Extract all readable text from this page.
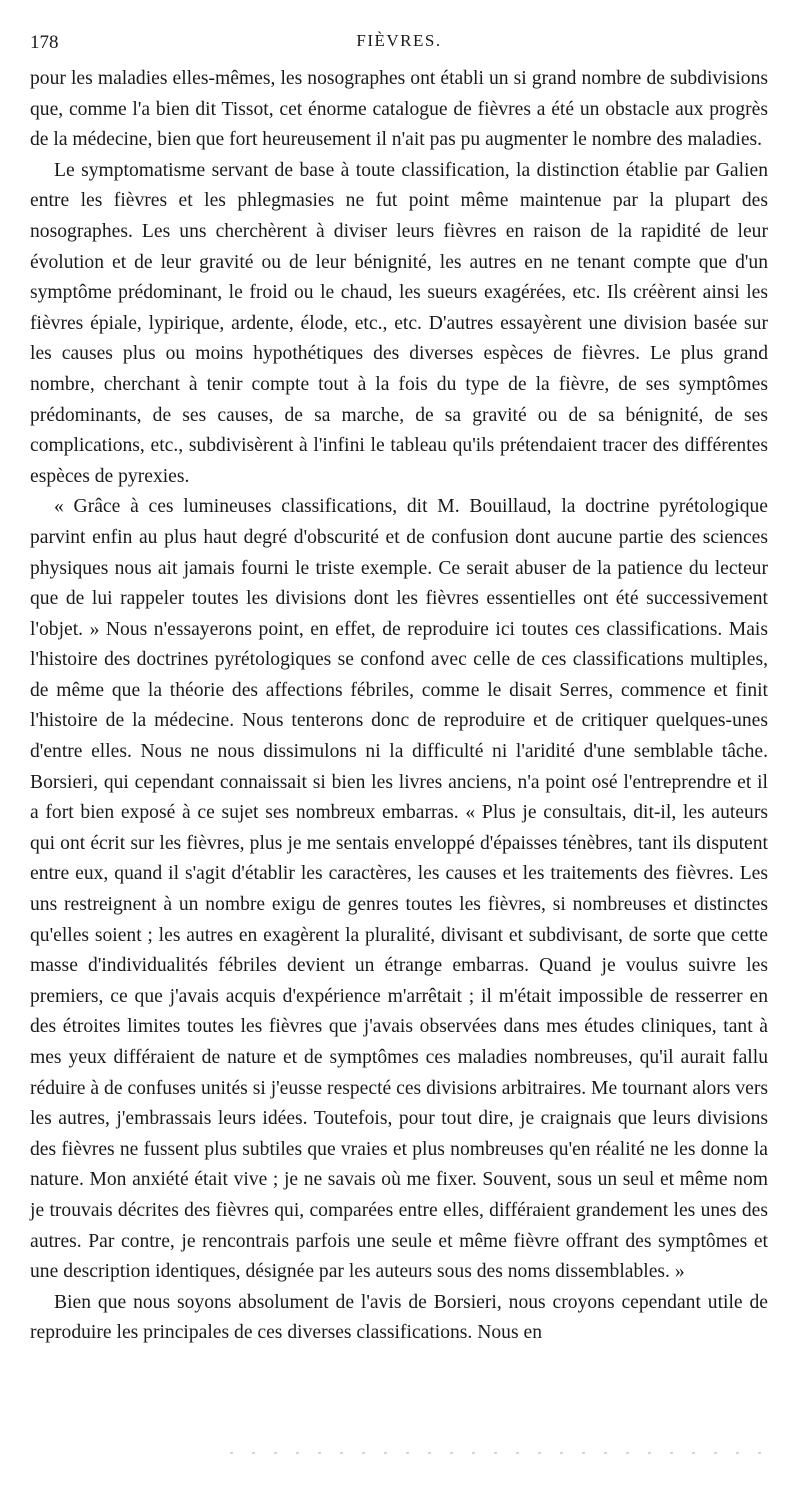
178	FIÈVRES.

pour les maladies elles-mêmes, les nosographes ont établi un si grand nombre de subdivisions que, comme l'a bien dit Tissot, cet énorme catalogue de fièvres a été un obstacle aux progrès de la médecine, bien que fort heureusement il n'ait pas pu augmenter le nombre des maladies.

Le symptomatisme servant de base à toute classification, la distinction établie par Galien entre les fièvres et les phlegmasies ne fut point même maintenue par la plupart des nosographes. Les uns cherchèrent à diviser leurs fièvres en raison de la rapidité de leur évolution et de leur gravité ou de leur bénignité, les autres en ne tenant compte que d'un symptôme prédominant, le froid ou le chaud, les sueurs exagérées, etc. Ils créèrent ainsi les fièvres épiale, lypirique, ardente, élode, etc., etc. D'autres essayèrent une division basée sur les causes plus ou moins hypothétiques des diverses espèces de fièvres. Le plus grand nombre, cherchant à tenir compte tout à la fois du type de la fièvre, de ses symptômes prédominants, de ses causes, de sa marche, de sa gravité ou de sa bénignité, de ses complications, etc., subdivisèrent à l'infini le tableau qu'ils prétendaient tracer des différentes espèces de pyrexies.

« Grâce à ces lumineuses classifications, dit M. Bouillaud, la doctrine pyrétologique parvint enfin au plus haut degré d'obscurité et de confusion dont aucune partie des sciences physiques nous ait jamais fourni le triste exemple. Ce serait abuser de la patience du lecteur que de lui rappeler toutes les divisions dont les fièvres essentielles ont été successivement l'objet. » Nous n'essayerons point, en effet, de reproduire ici toutes ces classifications. Mais l'histoire des doctrines pyrétologiques se confond avec celle de ces classifications multiples, de même que la théorie des affections fébriles, comme le disait Serres, commence et finit l'histoire de la médecine. Nous tenterons donc de reproduire et de critiquer quelques-unes d'entre elles. Nous ne nous dissimulons ni la difficulté ni l'aridité d'une semblable tâche. Borsieri, qui cependant connaissait si bien les livres anciens, n'a point osé l'entreprendre et il a fort bien exposé à ce sujet ses nombreux embarras. « Plus je consultais, dit-il, les auteurs qui ont écrit sur les fièvres, plus je me sentais enveloppé d'épaisses ténèbres, tant ils disputent entre eux, quand il s'agit d'établir les caractères, les causes et les traitements des fièvres. Les uns restreignent à un nombre exigu de genres toutes les fièvres, si nombreuses et distinctes qu'elles soient ; les autres en exagèrent la pluralité, divisant et subdivisant, de sorte que cette masse d'individualités fébriles devient un étrange embarras. Quand je voulus suivre les premiers, ce que j'avais acquis d'expérience m'arrêtait ; il m'était impossible de resserrer en des étroites limites toutes les fièvres que j'avais observées dans mes études cliniques, tant à mes yeux différaient de nature et de symptômes ces maladies nombreuses, qu'il aurait fallu réduire à de confuses unités si j'eusse respecté ces divisions arbitraires. Me tournant alors vers les autres, j'embrassais leurs idées. Toutefois, pour tout dire, je craignais que leurs divisions des fièvres ne fussent plus subtiles que vraies et plus nombreuses qu'en réalité ne les donne la nature. Mon anxiété était vive ; je ne savais où me fixer. Souvent, sous un seul et même nom je trouvais décrites des fièvres qui, comparées entre elles, différaient grandement les unes des autres. Par contre, je rencontrais parfois une seule et même fièvre offrant des symptômes et une description identiques, désignée par les auteurs sous des noms dissemblables. »

Bien que nous soyons absolument de l'avis de Borsieri, nous croyons cependant utile de reproduire les principales de ces diverses classifications. Nous en
